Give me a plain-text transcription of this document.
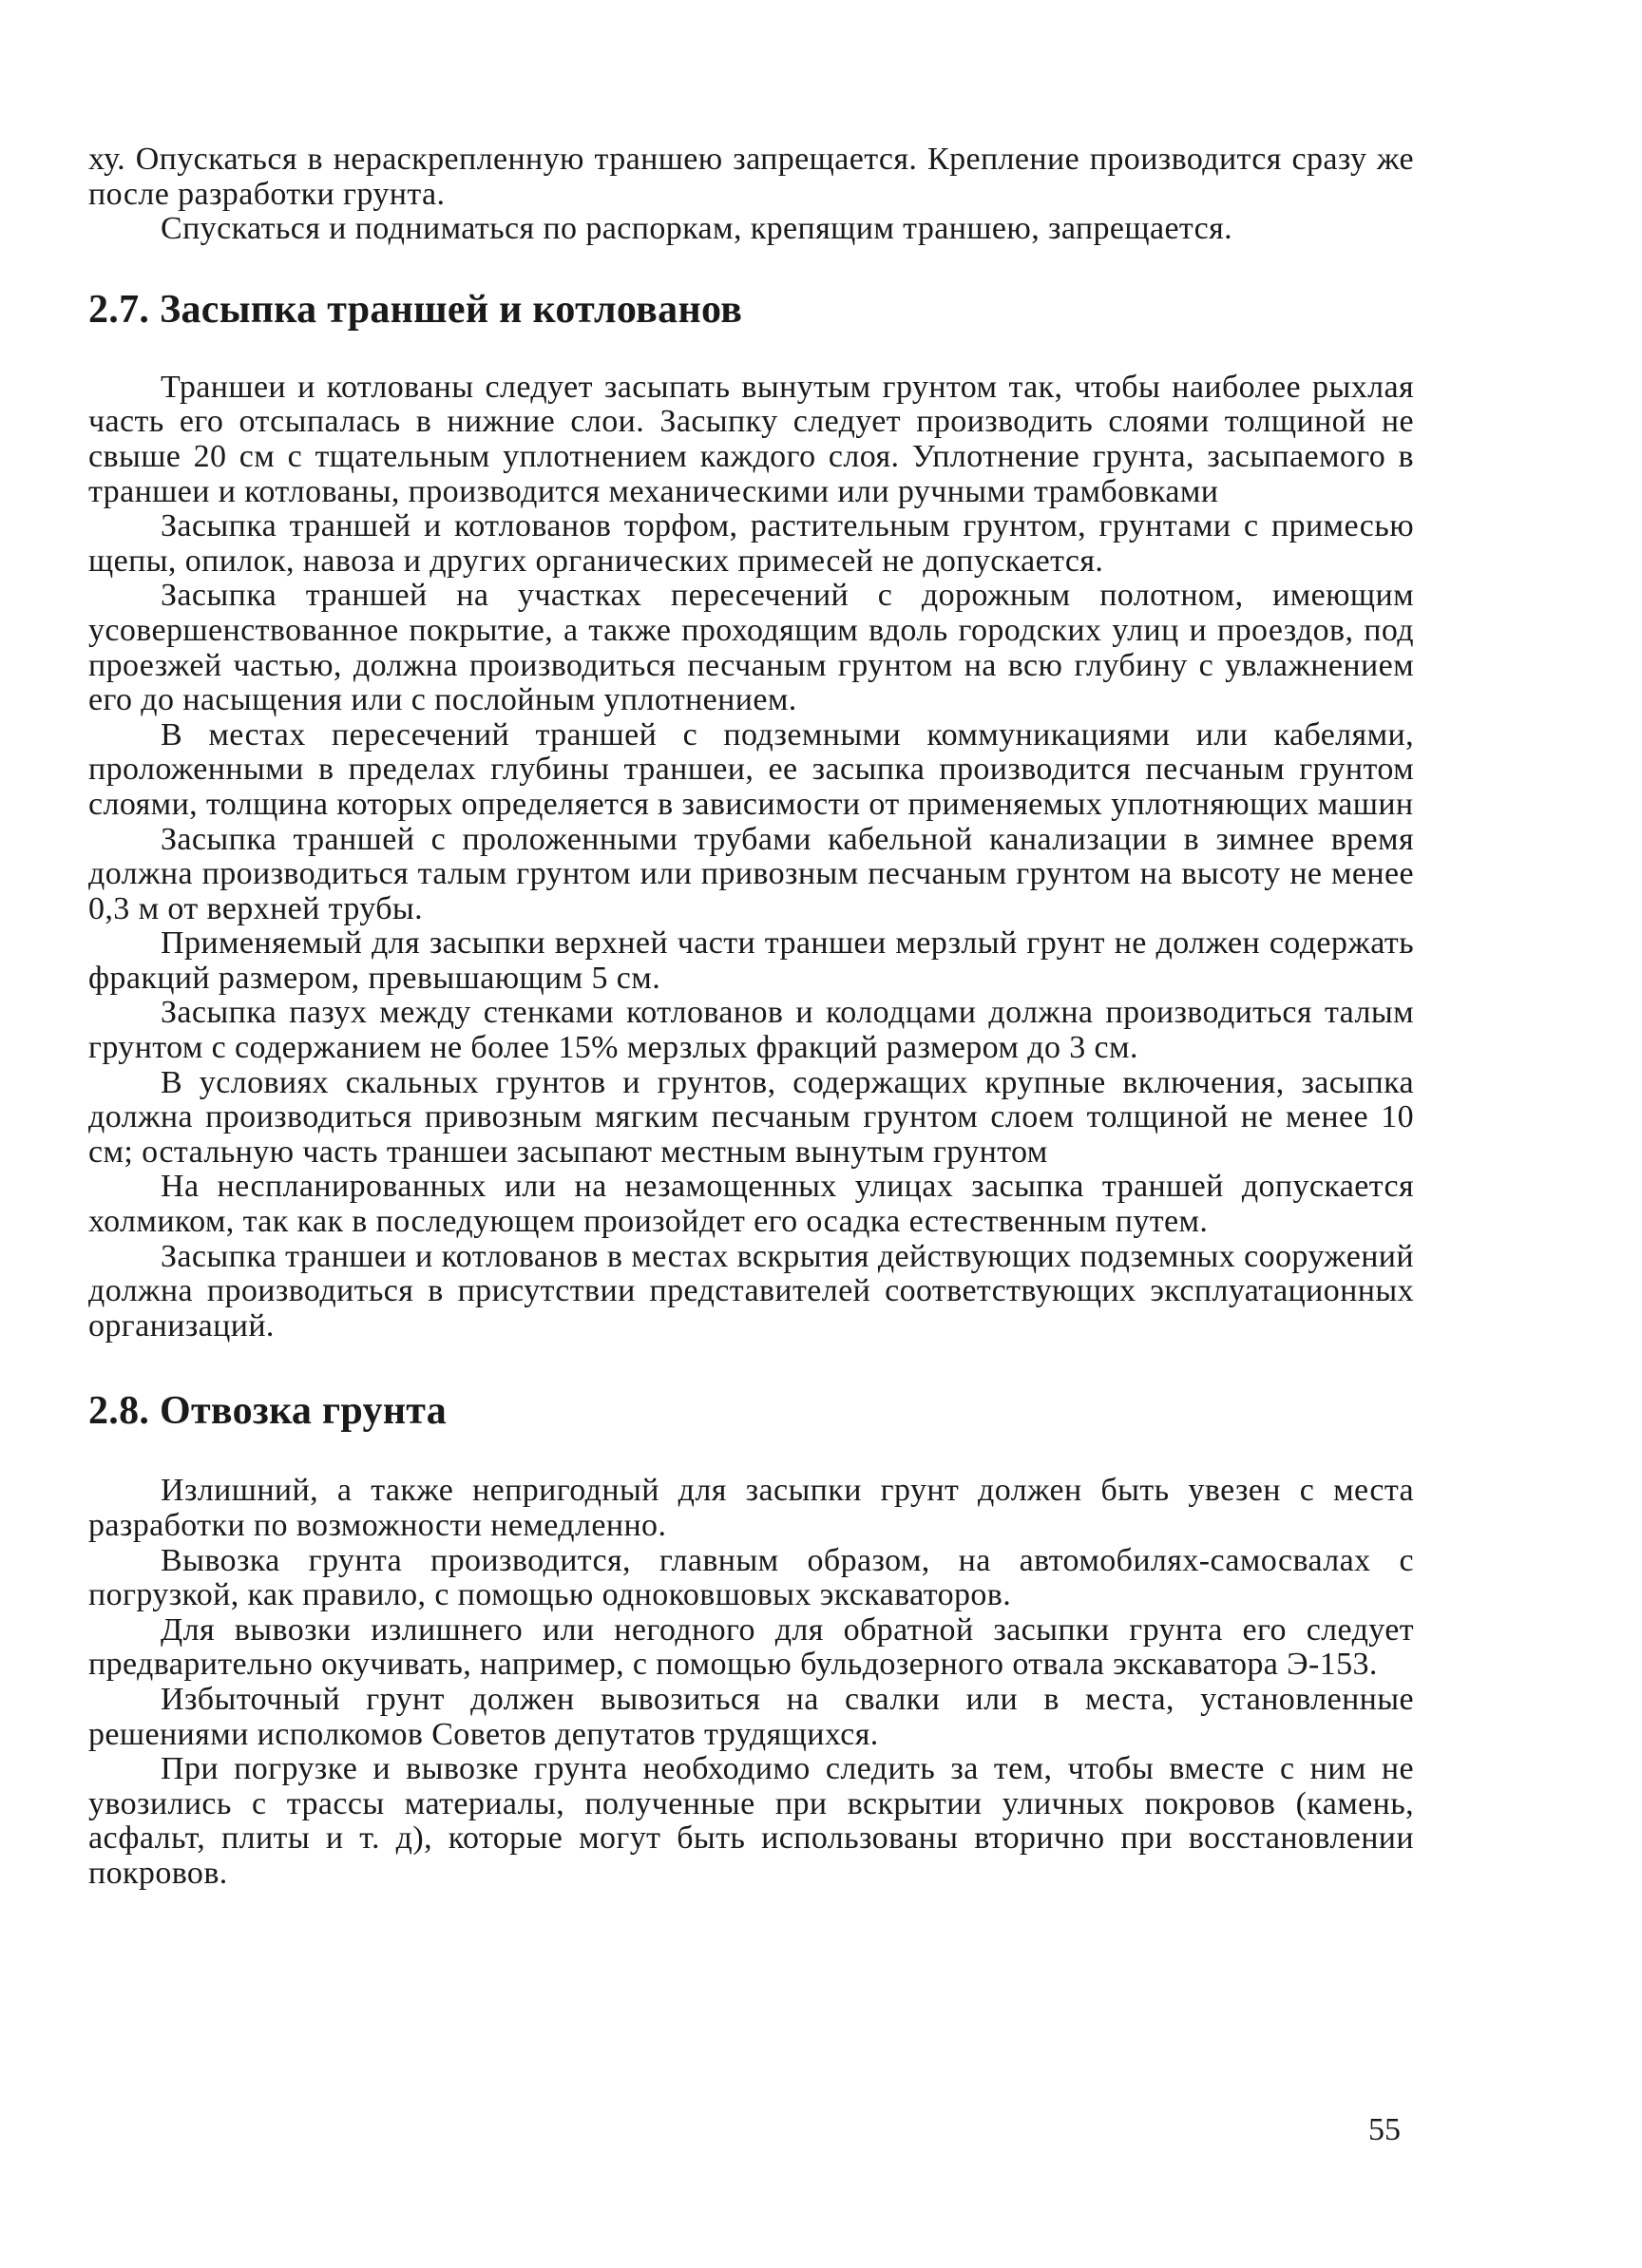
ху. Опускаться в нераскрепленную траншею запрещается. Крепление производится сразу же после разработки грунта.

Спускаться и подниматься по распоркам, крепящим траншею, запрещается.

2.7. Засыпка траншей и котлованов

Траншеи и котлованы следует засыпать вынутым грунтом так, чтобы наиболее рыхлая часть его отсыпалась в нижние слои. Засыпку следует производить слоями толщиной не свыше 20 см с тщательным уплотнением каждого слоя. Уплотнение грунта, засыпаемого в траншеи и котлованы, производится механическими или ручными трамбовками

Засыпка траншей и котлованов торфом, растительным грунтом, грунтами с примесью щепы, опилок, навоза и других органических примесей не допускается.

Засыпка траншей на участках пересечений с дорожным полотном, имеющим усовершенствованное покрытие, а также проходящим вдоль городских улиц и проездов, под проезжей частью, должна производиться песчаным грунтом на всю глубину с увлажнением его до насыщения или с послойным уплотнением.

В местах пересечений траншей с подземными коммуникациями или кабелями, проложенными в пределах глубины траншеи, ее засыпка производится песчаным грунтом слоями, толщина которых определяется в зависимости от применяемых уплотняющих машин

Засыпка траншей с проложенными трубами кабельной канализации в зимнее время должна производиться талым грунтом или привозным песчаным грунтом на высоту не менее 0,3 м от верхней трубы.

Применяемый для засыпки верхней части траншеи мерзлый грунт не должен содержать фракций размером, превышающим 5 см.

Засыпка пазух между стенками котлованов и колодцами должна производиться талым грунтом с содержанием не более 15% мерзлых фракций размером до 3 см.

В условиях скальных грунтов и грунтов, содержащих крупные включения, засыпка должна производиться привозным мягким песчаным грунтом слоем толщиной не менее 10 см; остальную часть траншеи засыпают местным вынутым грунтом

На неспланированных или на незамощенных улицах засыпка траншей допускается холмиком, так как в последующем произойдет его осадка естественным путем.

Засыпка траншеи и котлованов в местах вскрытия действующих подземных сооружений должна производиться в присутствии представителей соответствующих эксплуатационных организаций.

2.8. Отвозка грунта

Излишний, а также непригодный для засыпки грунт должен быть увезен с места разработки по возможности немедленно.

Вывозка грунта производится, главным образом, на автомобилях-самосвалах с погрузкой, как правило, с помощью одноковшовых экскаваторов.

Для вывозки излишнего или негодного для обратной засыпки грунта его следует предварительно окучивать, например, с помощью бульдозерного отвала экскаватора Э-153.

Избыточный грунт должен вывозиться на свалки или в места, установленные решениями исполкомов Советов депутатов трудящихся.

При погрузке и вывозке грунта необходимо следить за тем, чтобы вместе с ним не увозились с трассы материалы, полученные при вскрытии уличных покровов (камень, асфальт, плиты и т. д), которые могут быть использованы вторично при восстановлении покровов.

55
